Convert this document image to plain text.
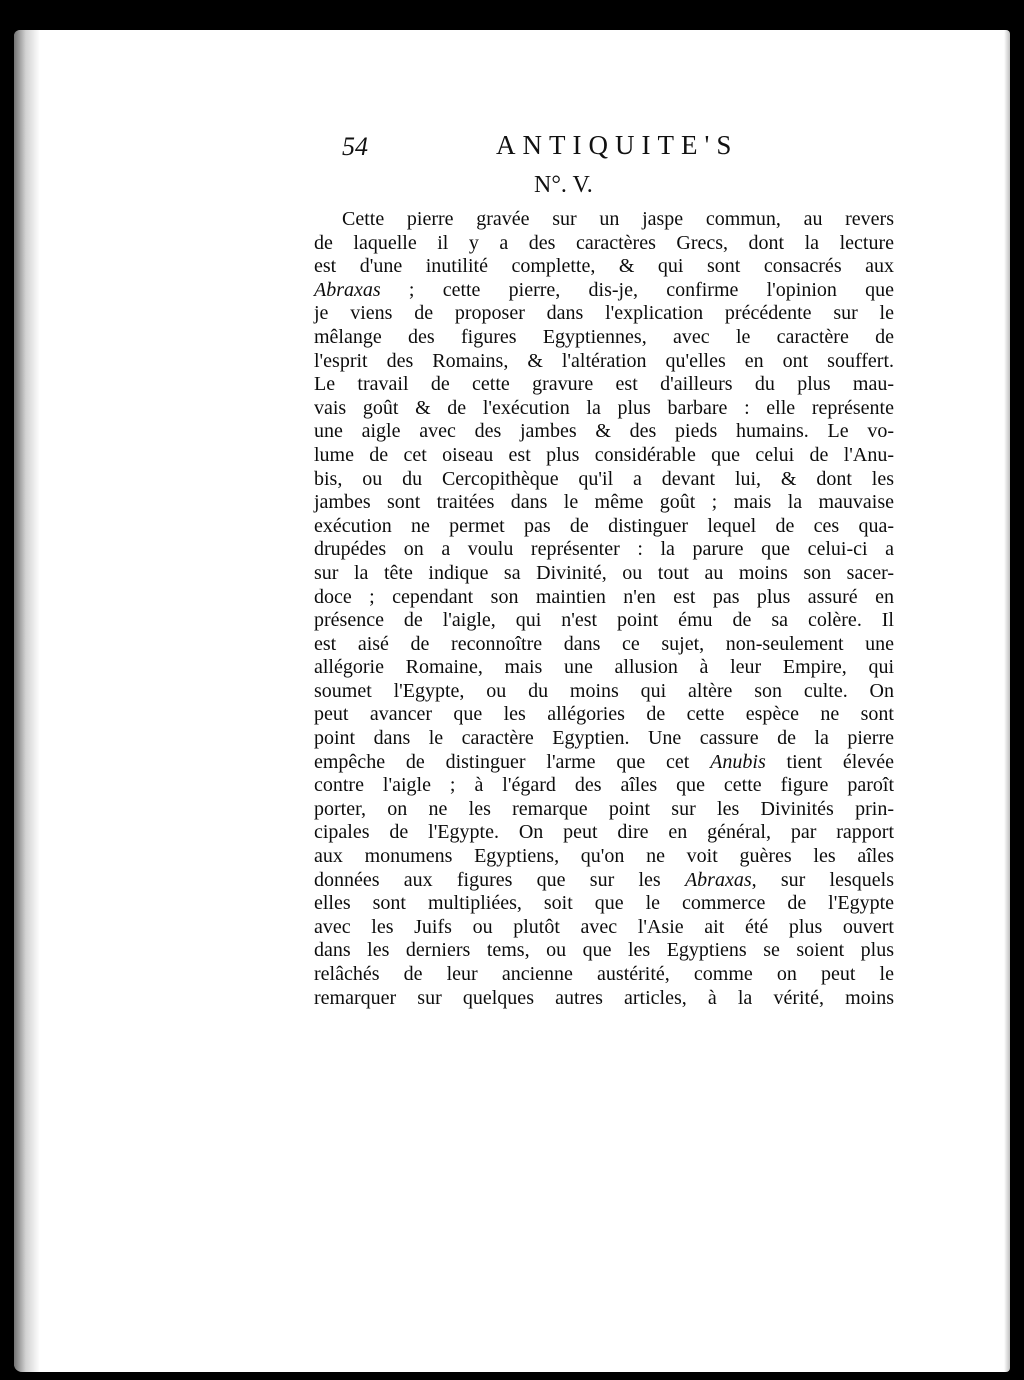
54	ANTIQUITE'S
N°. V.
Cette pierre gravée sur un jaspe commun, au revers
de laquelle il y a des caractères Grecs, dont la lecture
est d'une inutilité complette, & qui sont consacrés aux
Abraxas ; cette pierre, dis-je, confirme l'opinion que
je viens de proposer dans l'explication précédente sur le
mêlange des figures Egyptiennes, avec le caractère de
l'esprit des Romains, & l'altération qu'elles en ont souffert.
Le travail de cette gravure est d'ailleurs du plus mau-
vais goût & de l'exécution la plus barbare : elle représente
une aigle avec des jambes & des pieds humains. Le vo-
lume de cet oiseau est plus considérable que celui de l'Anu-
bis, ou du Cercopithèque qu'il a devant lui, & dont les
jambes sont traitées dans le même goût ; mais la mauvaise
exécution ne permet pas de distinguer lequel de ces qua-
drupédes on a voulu représenter : la parure que celui-ci a
sur la tête indique sa Divinité, ou tout au moins son sacer-
doce ; cependant son maintien n'en est pas plus assuré en
présence de l'aigle, qui n'est point ému de sa colère. Il
est aisé de reconnoître dans ce sujet, non-seulement une
allégorie Romaine, mais une allusion à leur Empire, qui
soumet l'Egypte, ou du moins qui altère son culte. On
peut avancer que les allégories de cette espèce ne sont
point dans le caractère Egyptien. Une cassure de la pierre
empêche de distinguer l'arme que cet Anubis tient élevée
contre l'aigle ; à l'égard des aîles que cette figure paroît
porter, on ne les remarque point sur les Divinités prin-
cipales de l'Egypte. On peut dire en général, par rapport
aux monumens Egyptiens, qu'on ne voit guères les aîles
données aux figures que sur les Abraxas, sur lesquels
elles sont multipliées, soit que le commerce de l'Egypte
avec les Juifs ou plutôt avec l'Asie ait été plus ouvert
dans les derniers tems, ou que les Egyptiens se soient plus
relâchés de leur ancienne austérité, comme on peut le
remarquer sur quelques autres articles, à la vérité, moins
